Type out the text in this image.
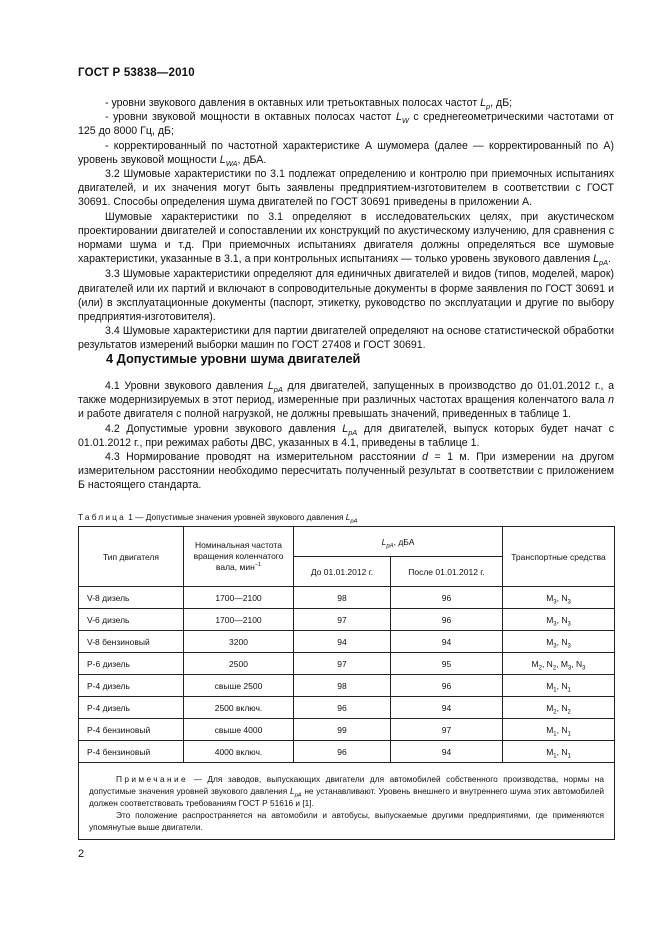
ГОСТ Р 53838—2010

- уровни звукового давления в октавных или третьоктавных полосах частот $L_p$, дБ;

- уровни звуковой мощности в октавных полосах частот $L_W$ с среднегеометрическими частотами от 125 до 8000 Гц, дБ;

- корректированный по частотной характеристике А шумомера (далее — корректированный по А) уровень звуковой мощности $L_{WA}$, дБА.

3.2 Шумовые характеристики по 3.1 подлежат определению и контролю при приемочных испытаниях двигателей, и их значения могут быть заявлены предприятием-изготовителем в соответствии с ГОСТ 30691. Способы определения шума двигателей по ГОСТ 30691 приведены в приложении А.

Шумовые характеристики по 3.1 определяют в исследовательских целях, при акустическом проектировании двигателей и сопоставлении их конструкций по акустическому излучению, для сравнения с нормами шума и т.д. При приемочных испытаниях двигателя должны определяться все шумовые характеристики, указанные в 3.1, а при контрольных испытаниях — только уровень звукового давления $L_{pA}$.

3.3 Шумовые характеристики определяют для единичных двигателей и видов (типов, моделей, марок) двигателей или их партий и включают в сопроводительные документы в форме заявления по ГОСТ 30691 и (или) в эксплуатационные документы (паспорт, этикетку, руководство по эксплуатации и другие по выбору предприятия-изготовителя).

3.4 Шумовые характеристики для партии двигателей определяют на основе статистической обработки результатов измерений выборки машин по ГОСТ 27408 и ГОСТ 30691.

4 Допустимые уровни шума двигателей

4.1 Уровни звукового давления $L_{pA}$ для двигателей, запущенных в производство до 01.01.2012 г., а также модернизируемых в этот период, измеренные при различных частотах вращения коленчатого вала n и работе двигателя с полной нагрузкой, не должны превышать значений, приведенных в таблице 1.

4.2 Допустимые уровни звукового давления $L_{pA}$ для двигателей, выпуск которых будет начат с 01.01.2012 г., при режимах работы ДВС, указанных в 4.1, приведены в таблице 1.

4.3 Нормирование проводят на измерительном расстоянии d = 1 м. При измерении на другом измерительном расстоянии необходимо пересчитать полученный результат в соответствии с приложением Б настоящего стандарта.

Таблица 1 — Допустимые значения уровней звукового давления $L_{pA}$
Тип двигателя	Номинальная частота вращения коленчатого вала, мин$^{-1}$	$L_{pA}$, дБА		Транспортные средства
		До 01.01.2012 г.	После 01.01.2012 г.	
V-8 дизель	1700—2100	98	96	$M_3$, $N_3$
V-6 дизель	1700—2100	97	96	$M_3$, $N_3$
V-8 бензиновый	3200	94	94	$M_3$, $N_3$
Р-6 дизель	2500	97	95	$M_2$, $N_2$, $M_3$, $N_3$
Р-4 дизель	свыше 2500	98	96	$M_1$, $N_1$
Р-4 дизель	2500 включ.	96	94	$M_2$, $N_2$
Р-4 бензиновый	свыше 4000	99	97	$M_1$, $N_1$
Р-4 бензиновый	4000 включ.	96	94	$M_1$, $N_1$

Примечание — Для заводов, выпускающих двигатели для автомобилей собственного производства, нормы на допустимые значения уровней звукового давления $L_{pA}$ не устанавливают. Уровень внешнего и внутреннего шума этих автомобилей должен соответствовать требованиям ГОСТ Р 51616 и [1].

Это положение распространяется на автомобили и автобусы, выпускаемые другими предприятиями, где применяются упомянутые выше двигатели.				

2
